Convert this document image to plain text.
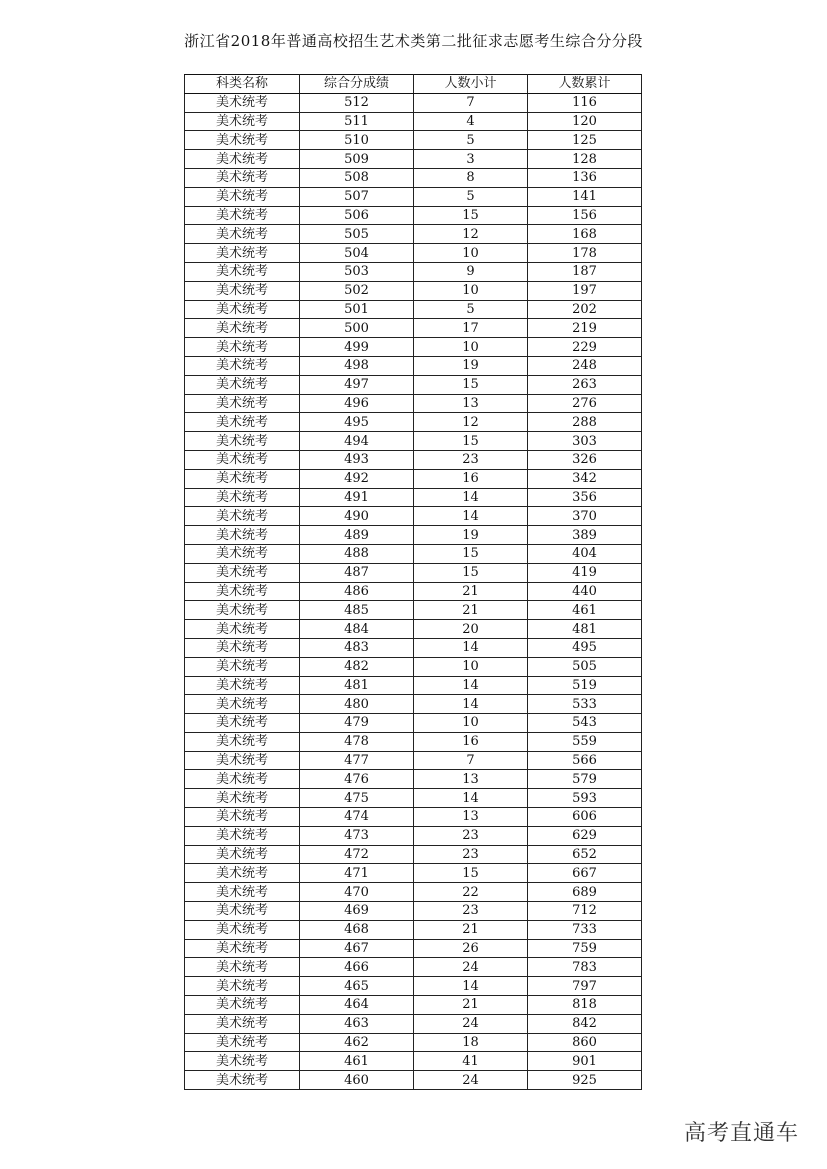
浙江省2018年普通高校招生艺术类第二批征求志愿考生综合分分段
科类名称	综合分成绩	人数小计	人数累计
美术统考	512	7	116
美术统考	511	4	120
美术统考	510	5	125
美术统考	509	3	128
美术统考	508	8	136
美术统考	507	5	141
美术统考	506	15	156
美术统考	505	12	168
美术统考	504	10	178
美术统考	503	9	187
美术统考	502	10	197
美术统考	501	5	202
美术统考	500	17	219
美术统考	499	10	229
美术统考	498	19	248
美术统考	497	15	263
美术统考	496	13	276
美术统考	495	12	288
美术统考	494	15	303
美术统考	493	23	326
美术统考	492	16	342
美术统考	491	14	356
美术统考	490	14	370
美术统考	489	19	389
美术统考	488	15	404
美术统考	487	15	419
美术统考	486	21	440
美术统考	485	21	461
美术统考	484	20	481
美术统考	483	14	495
美术统考	482	10	505
美术统考	481	14	519
美术统考	480	14	533
美术统考	479	10	543
美术统考	478	16	559
美术统考	477	7	566
美术统考	476	13	579
美术统考	475	14	593
美术统考	474	13	606
美术统考	473	23	629
美术统考	472	23	652
美术统考	471	15	667
美术统考	470	22	689
美术统考	469	23	712
美术统考	468	21	733
美术统考	467	26	759
美术统考	466	24	783
美术统考	465	14	797
美术统考	464	21	818
美术统考	463	24	842
美术统考	462	18	860
美术统考	461	41	901
美术统考	460	24	925
高考直通车
